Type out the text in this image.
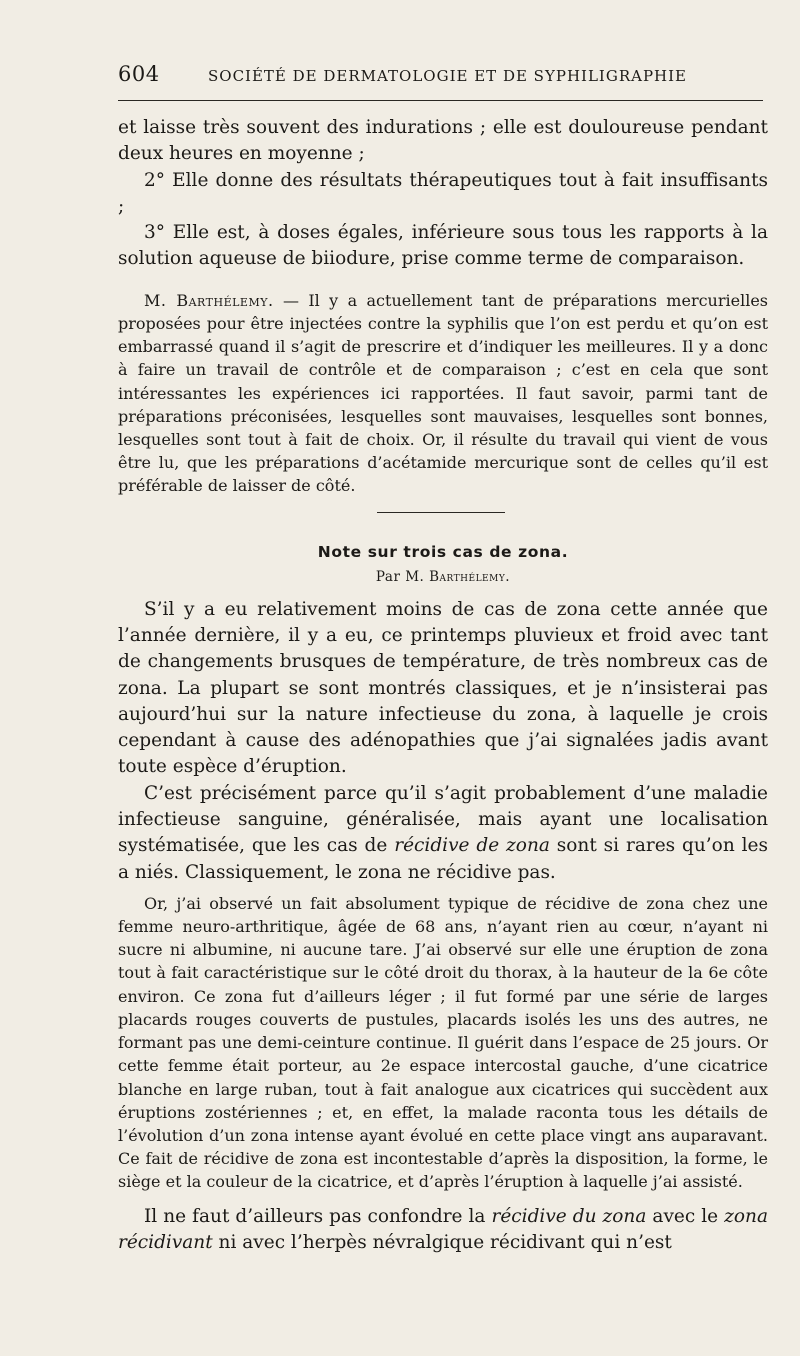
604	SOCIÉTÉ DE DERMATOLOGIE ET DE SYPHILIGRAPHIE

et laisse très souvent des indurations ; elle est douloureuse pendant deux heures en moyenne ;

2° Elle donne des résultats thérapeutiques tout à fait insuffisants ;

3° Elle est, à doses égales, inférieure sous tous les rapports à la solution aqueuse de biiodure, prise comme terme de comparaison.

M. Barthélemy. — Il y a actuellement tant de préparations mercurielles proposées pour être injectées contre la syphilis que l’on est perdu et qu’on est embarrassé quand il s’agit de prescrire et d’indiquer les meilleures. Il y a donc à faire un travail de contrôle et de comparaison ; c’est en cela que sont intéressantes les expériences ici rapportées. Il faut savoir, parmi tant de préparations préconisées, lesquelles sont mauvaises, lesquelles sont bonnes, lesquelles sont tout à fait de choix. Or, il résulte du travail qui vient de vous être lu, que les préparations d’acétamide mercurique sont de celles qu’il est préférable de laisser de côté.

Note sur trois cas de zona.
Par M. Barthélemy.

S’il y a eu relativement moins de cas de zona cette année que l’année dernière, il y a eu, ce printemps pluvieux et froid avec tant de changements brusques de température, de très nombreux cas de zona. La plupart se sont montrés classiques, et je n’insisterai pas aujourd’hui sur la nature infectieuse du zona, à laquelle je crois cependant à cause des adénopathies que j’ai signalées jadis avant toute espèce d’éruption.

C’est précisément parce qu’il s’agit probablement d’une maladie infectieuse sanguine, généralisée, mais ayant une localisation systématisée, que les cas de récidive de zona sont si rares qu’on les a niés. Classiquement, le zona ne récidive pas.

Or, j’ai observé un fait absolument typique de récidive de zona chez une femme neuro-arthritique, âgée de 68 ans, n’ayant rien au cœur, n’ayant ni sucre ni albumine, ni aucune tare. J’ai observé sur elle une éruption de zona tout à fait caractéristique sur le côté droit du thorax, à la hauteur de la 6e côte environ. Ce zona fut d’ailleurs léger ; il fut formé par une série de larges placards rouges couverts de pustules, placards isolés les uns des autres, ne formant pas une demi-ceinture continue. Il guérit dans l’espace de 25 jours. Or cette femme était porteur, au 2e espace intercostal gauche, d’une cicatrice blanche en large ruban, tout à fait analogue aux cicatrices qui succèdent aux éruptions zostériennes ; et, en effet, la malade raconta tous les détails de l’évolution d’un zona intense ayant évolué en cette place vingt ans auparavant. Ce fait de récidive de zona est incontestable d’après la disposition, la forme, le siège et la couleur de la cicatrice, et d’après l’éruption à laquelle j’ai assisté.

Il ne faut d’ailleurs pas confondre la récidive du zona avec le zona récidivant ni avec l’herpès névralgique récidivant qui n’est
